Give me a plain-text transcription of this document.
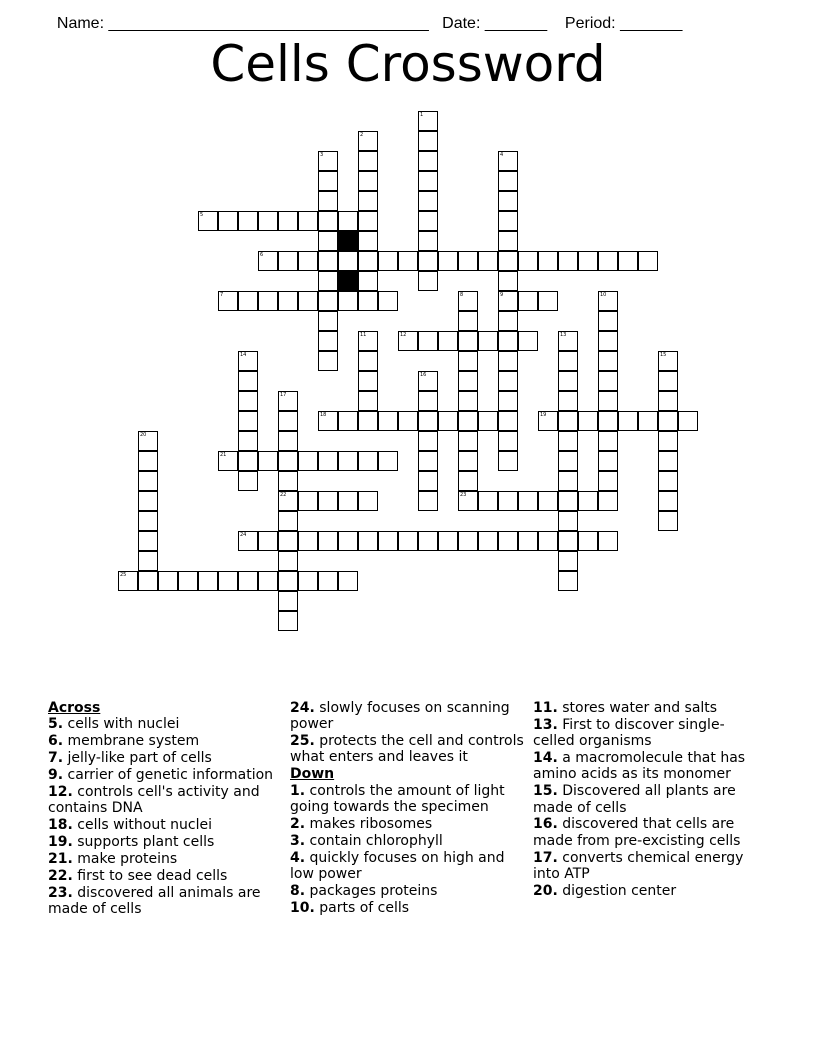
Name: ____________________________________ Date: _______ Period: _______

Cells Crossword
1
2
3	4
5
6
7	8	9	10
11	12	13
14	15
16
17
18	19
20
21
22	23
24
25
Across
5. cells with nuclei
6. membrane system
7. jelly-like part of cells
9. carrier of genetic information
12. controls cell's activity and contains DNA
18. cells without nuclei
19. supports plant cells
21. make proteins
22. first to see dead cells
23. discovered all animals are made of cells
24. slowly focuses on scanning power
25. protects the cell and controls what enters and leaves it
Down
1. controls the amount of light going towards the specimen
2. makes ribosomes
3. contain chlorophyll
4. quickly focuses on high and low power
8. packages proteins
10. parts of cells
11. stores water and salts
13. First to discover single-celled organisms
14. a macromolecule that has amino acids as its monomer
15. Discovered all plants are made of cells
16. discovered that cells are made from pre-excisting cells
17. converts chemical energy into ATP
20. digestion center
